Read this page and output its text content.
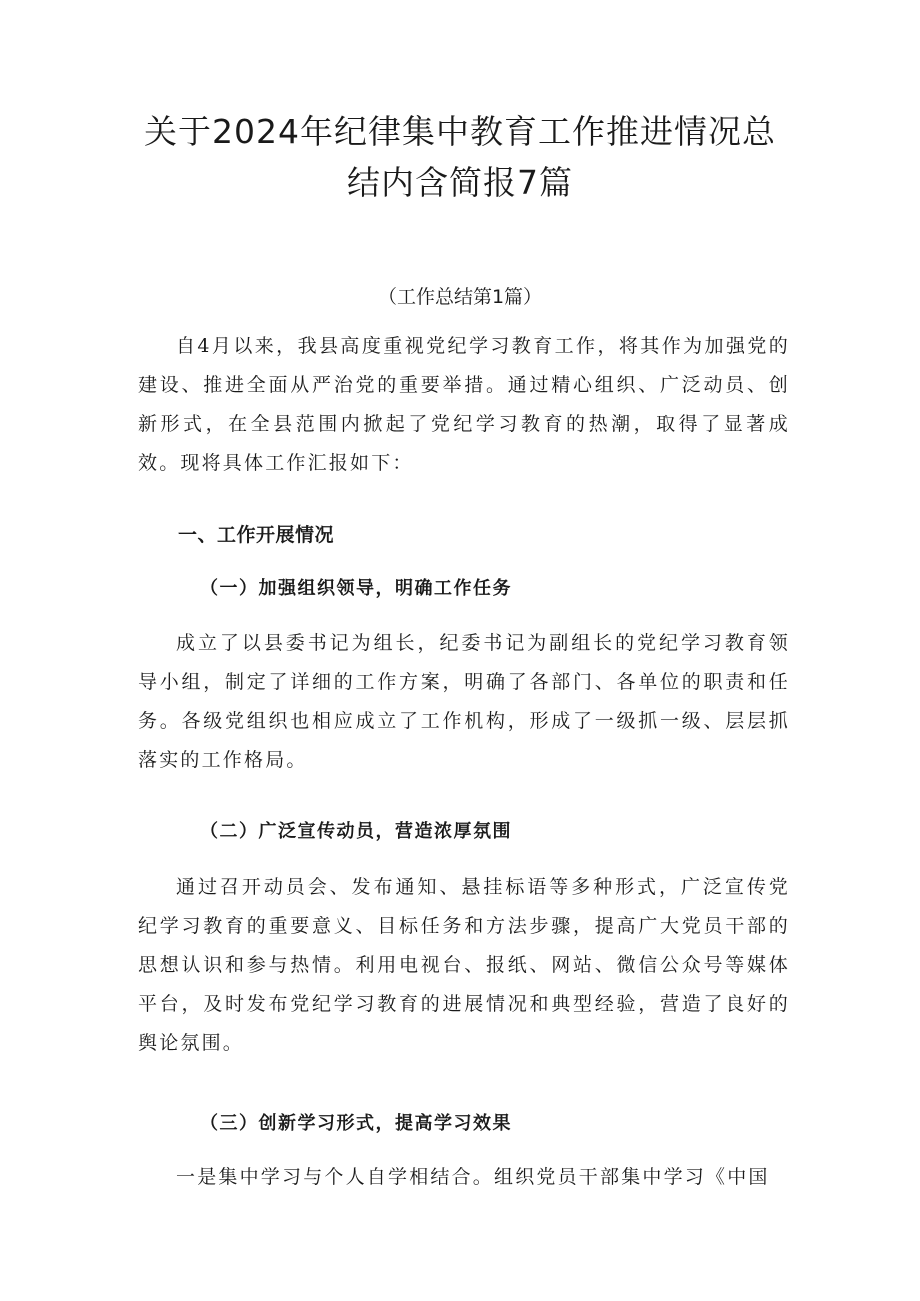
关于2024年纪律集中教育工作推进情况总
结内含简报7篇

（工作总结第1篇）

自4月以来，我县高度重视党纪学习教育工作，将其作为加强党的建设、推进全面从严治党的重要举措。通过精心组织、广泛动员、创新形式，在全县范围内掀起了党纪学习教育的热潮，取得了显著成效。现将具体工作汇报如下：

一、工作开展情况
（一）加强组织领导，明确工作任务

成立了以县委书记为组长，纪委书记为副组长的党纪学习教育领导小组，制定了详细的工作方案，明确了各部门、各单位的职责和任务。各级党组织也相应成立了工作机构，形成了一级抓一级、层层抓落实的工作格局。

（二）广泛宣传动员，营造浓厚氛围

通过召开动员会、发布通知、悬挂标语等多种形式，广泛宣传党纪学习教育的重要意义、目标任务和方法步骤，提高广大党员干部的思想认识和参与热情。利用电视台、报纸、网站、微信公众号等媒体平台，及时发布党纪学习教育的进展情况和典型经验，营造了良好的舆论氛围。

（三）创新学习形式，提高学习效果

一是集中学习与个人自学相结合。组织党员干部集中学习《中国
